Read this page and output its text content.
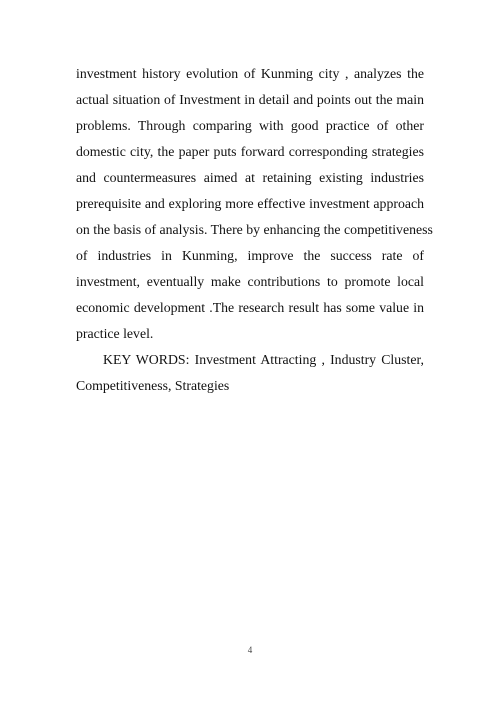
investment history evolution of Kunming city , analyzes the
actual situation of Investment in detail and points out the main
problems. Through comparing with good practice of other
domestic city, the paper puts forward corresponding strategies
and countermeasures aimed at retaining existing industries
prerequisite and exploring more effective investment approach
on the basis of analysis. There by enhancing the competitiveness
of industries in Kunming, improve the success rate of
investment, eventually make contributions to promote local
economic development .The research result has some value in
practice level.
KEY WORDS: Investment Attracting , Industry Cluster,
Competitiveness, Strategies
4
